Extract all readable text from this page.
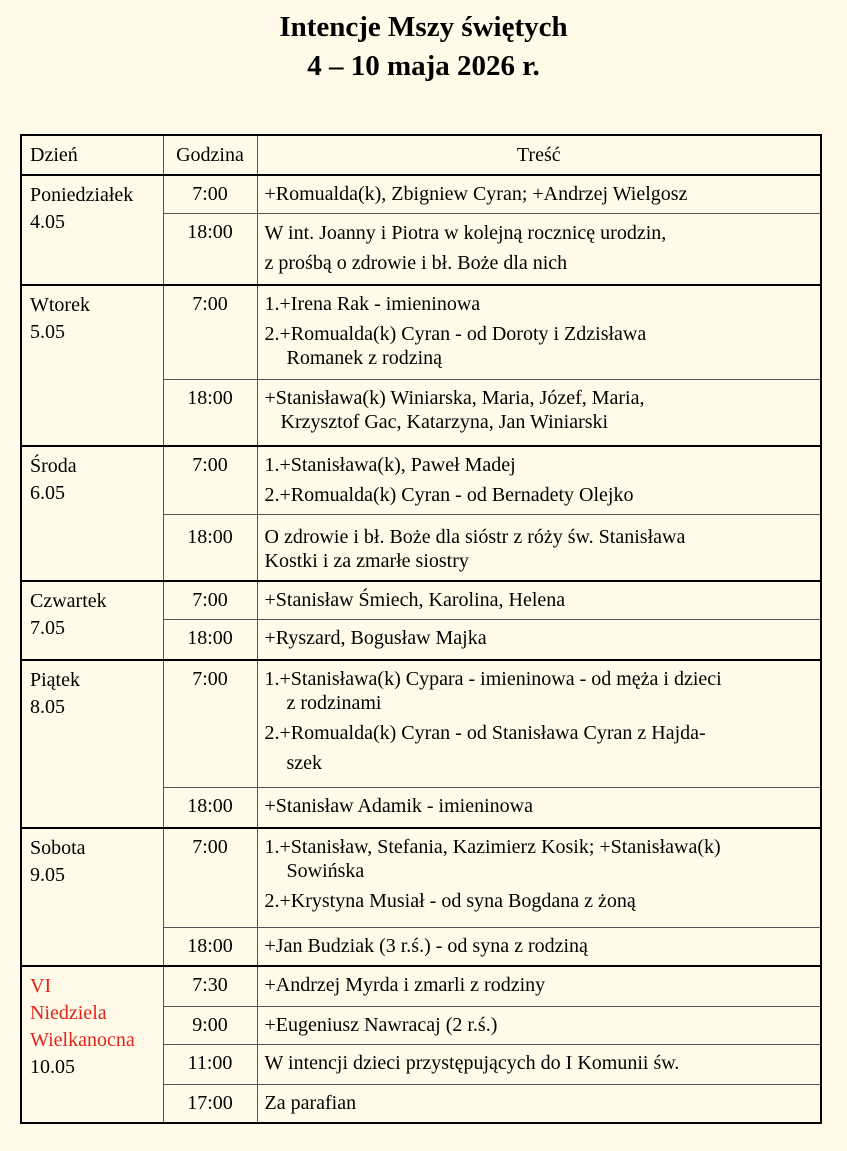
Intencje Mszy świętych
4 – 10 maja 2026 r.
Dzień	Godzina	Treść

Poniedziałek
4.05	7:00	+Romualda(k), Zbigniew Cyran; +Andrzej Wielgosz

	18:00	W int. Joanny i Piotra w kolejną rocznicę urodzin,
z prośbą o zdrowie i bł. Boże dla nich

Wtorek
5.05	7:00	1.+Irena Rak - imieninowa
2.+Romualda(k) Cyran - od Doroty i Zdzisława
Romanek z rodziną

	18:00	+Stanisława(k) Winiarska, Maria, Józef, Maria,
Krzysztof Gac, Katarzyna, Jan Winiarski

Środa
6.05	7:00	1.+Stanisława(k), Paweł Madej
2.+Romualda(k) Cyran - od Bernadety Olejko

	18:00	O zdrowie i bł. Boże dla sióstr z róży św. Stanisława
Kostki i za zmarłe siostry

Czwartek
7.05	7:00	+Stanisław Śmiech, Karolina, Helena

	18:00	+Ryszard, Bogusław Majka

Piątek
8.05	7:00	1.+Stanisława(k) Cypara - imieninowa - od męża i dzieci
z rodzinami
2.+Romualda(k) Cyran - od Stanisława Cyran z Hajda-
szek

	18:00	+Stanisław Adamik - imieninowa

Sobota
9.05	7:00	1.+Stanisław, Stefania, Kazimierz Kosik; +Stanisława(k)
Sowińska
2.+Krystyna Musiał - od syna Bogdana z żoną

	18:00	+Jan Budziak (3 r.ś.) - od syna z rodziną

VI
Niedziela
Wielkanocna
10.05	7:30	+Andrzej Myrda i zmarli z rodziny

	9:00	+Eugeniusz Nawracaj (2 r.ś.)

	11:00	W intencji dzieci przystępujących do I Komunii św.

	17:00	Za parafian
